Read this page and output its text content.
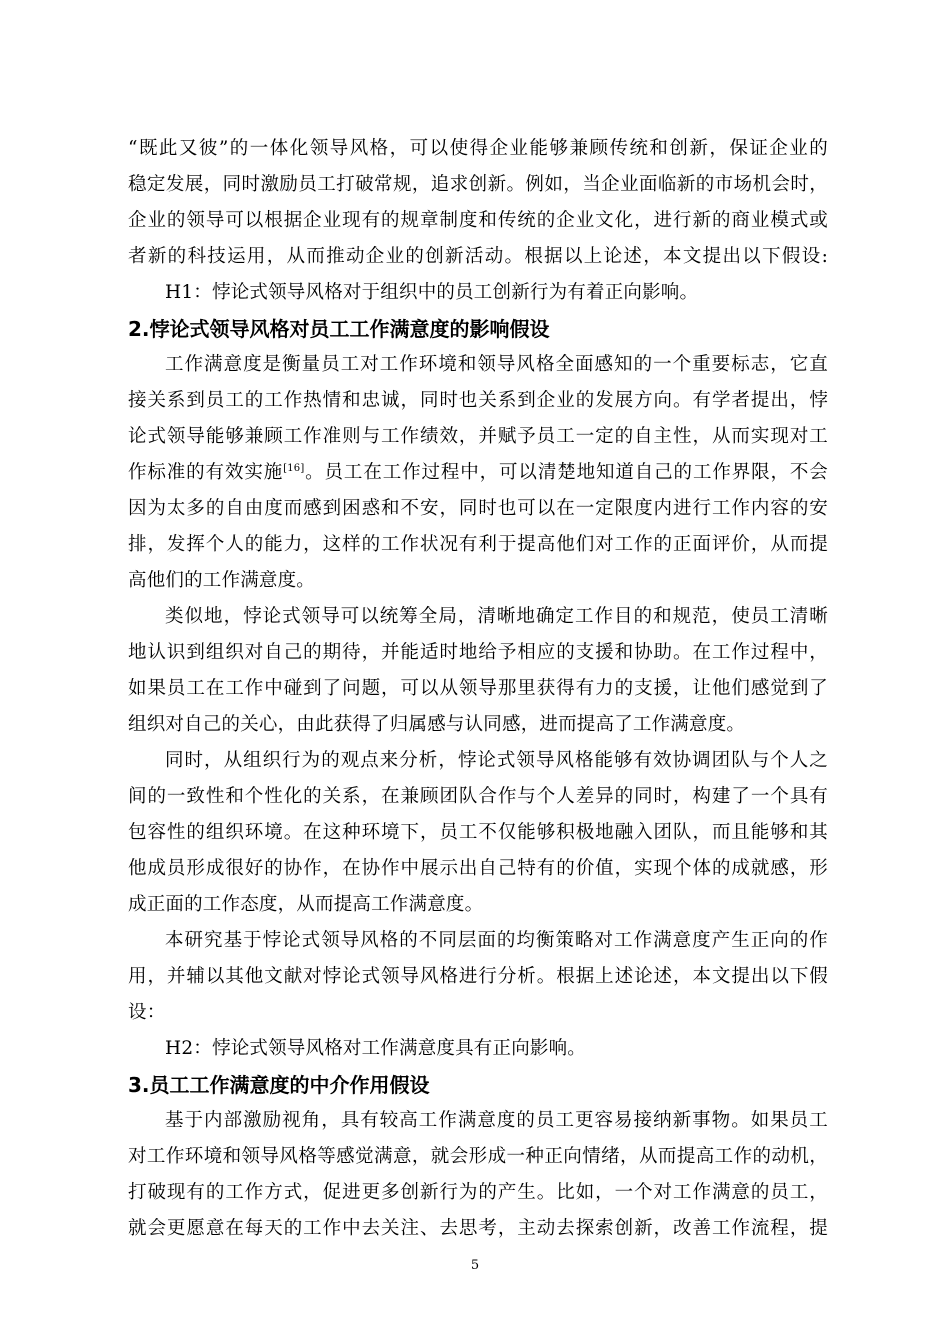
“既此又彼”的一体化领导风格，可以使得企业能够兼顾传统和创新，保证企业的
稳定发展，同时激励员工打破常规，追求创新。例如，当企业面临新的市场机会时，
企业的领导可以根据企业现有的规章制度和传统的企业文化，进行新的商业模式或
者新的科技运用，从而推动企业的创新活动。根据以上论述，本文提出以下假设:
H1：悖论式领导风格对于组织中的员工创新行为有着正向影响。
2.悖论式领导风格对员工工作满意度的影响假设
工作满意度是衡量员工对工作环境和领导风格全面感知的一个重要标志，它直
接关系到员工的工作热情和忠诚，同时也关系到企业的发展方向。有学者提出，悖
论式领导能够兼顾工作准则与工作绩效，并赋予员工一定的自主性，从而实现对工
作标准的有效实施[16]。员工在工作过程中，可以清楚地知道自己的工作界限，不会
因为太多的自由度而感到困惑和不安，同时也可以在一定限度内进行工作内容的安
排，发挥个人的能力，这样的工作状况有利于提高他们对工作的正面评价，从而提
高他们的工作满意度。
类似地，悖论式领导可以统筹全局，清晰地确定工作目的和规范，使员工清晰
地认识到组织对自己的期待，并能适时地给予相应的支援和协助。在工作过程中，
如果员工在工作中碰到了问题，可以从领导那里获得有力的支援，让他们感觉到了
组织对自己的关心，由此获得了归属感与认同感，进而提高了工作满意度。
同时，从组织行为的观点来分析，悖论式领导风格能够有效协调团队与个人之
间的一致性和个性化的关系，在兼顾团队合作与个人差异的同时，构建了一个具有
包容性的组织环境。在这种环境下，员工不仅能够积极地融入团队，而且能够和其
他成员形成很好的协作，在协作中展示出自己特有的价值，实现个体的成就感，形
成正面的工作态度，从而提高工作满意度。
本研究基于悖论式领导风格的不同层面的均衡策略对工作满意度产生正向的作
用，并辅以其他文献对悖论式领导风格进行分析。根据上述论述，本文提出以下假
设：
H2：悖论式领导风格对工作满意度具有正向影响。
3.员工工作满意度的中介作用假设
基于内部激励视角，具有较高工作满意度的员工更容易接纳新事物。如果员工
对工作环境和领导风格等感觉满意，就会形成一种正向情绪，从而提高工作的动机，
打破现有的工作方式，促进更多创新行为的产生。比如，一个对工作满意的员工，
就会更愿意在每天的工作中去关注、去思考，主动去探索创新，改善工作流程，提
5
